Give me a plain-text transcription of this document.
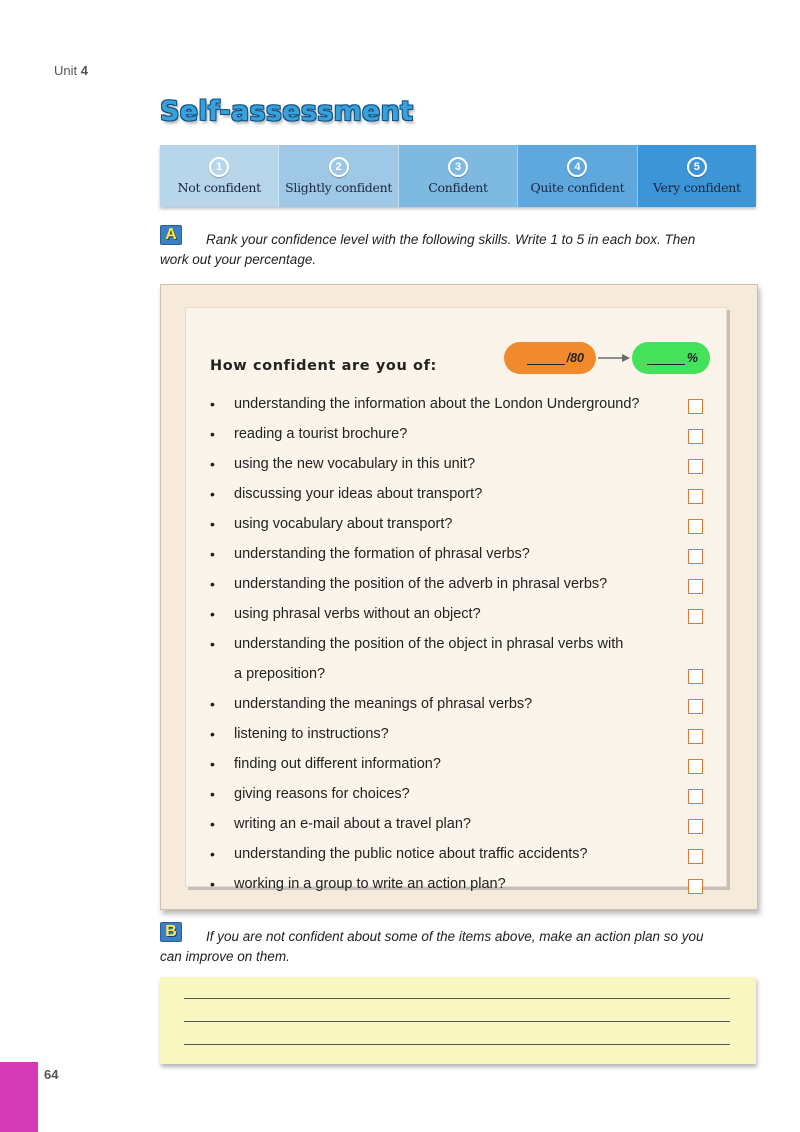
Unit 4
Self-assessment
1
Not confident
2
Slightly confident
3
Confident
4
Quite confident
5
Very confident
A	Rank your confidence level with the following skills. Write 1 to 5 in each box. Then
work out your percentage.
How confident are you of:	/80	%
• understanding the information about the London Underground?
• reading a tourist brochure?
• using the new vocabulary in this unit?
• discussing your ideas about transport?
• using vocabulary about transport?
• understanding the formation of phrasal verbs?
• understanding the position of the adverb in phrasal verbs?
• using phrasal verbs without an object?
• understanding the position of the object in phrasal verbs with
a preposition?
• understanding the meanings of phrasal verbs?
• listening to instructions?
• finding out different information?
• giving reasons for choices?
• writing an e-mail about a travel plan?
• understanding the public notice about traffic accidents?
• working in a group to write an action plan?
B	If you are not confident about some of the items above, make an action plan so you
can improve on them.
64
